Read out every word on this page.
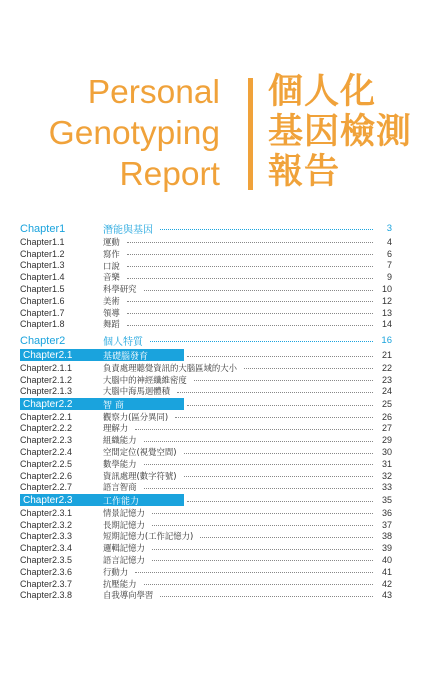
Personal
Genotyping
Report
個人化
基因檢測
報告
Chapter1	潛能與基因	3
Chapter1.1	運動	4
Chapter1.2	寫作	6
Chapter1.3	口說	7
Chapter1.4	音樂	9
Chapter1.5	科學研究	10
Chapter1.6	美術	12
Chapter1.7	領導	13
Chapter1.8	舞蹈	14
Chapter2	個人特質	16
Chapter2.1	基礎腦發育	21
Chapter2.1.1	負責處理聽覺資訊的大腦區域的大小	22
Chapter2.1.2	大腦中的神經纖維密度	23
Chapter2.1.3	大腦中海馬迴體積	24
Chapter2.2	智 商	25
Chapter2.2.1	觀察力(區分異同)	26
Chapter2.2.2	理解力	27
Chapter2.2.3	組織能力	29
Chapter2.2.4	空間定位(視覺空間)	30
Chapter2.2.5	數學能力	31
Chapter2.2.6	資訊處理(數字符號)	32
Chapter2.2.7	語言智商	33
Chapter2.3	工作能力	35
Chapter2.3.1	情景記憶力	36
Chapter2.3.2	長期記憶力	37
Chapter2.3.3	短期記憶力(工作記憶力)	38
Chapter2.3.4	邏輯記憶力	39
Chapter2.3.5	語言記憶力	40
Chapter2.3.6	行動力	41
Chapter2.3.7	抗壓能力	42
Chapter2.3.8	自我導向學習	43
